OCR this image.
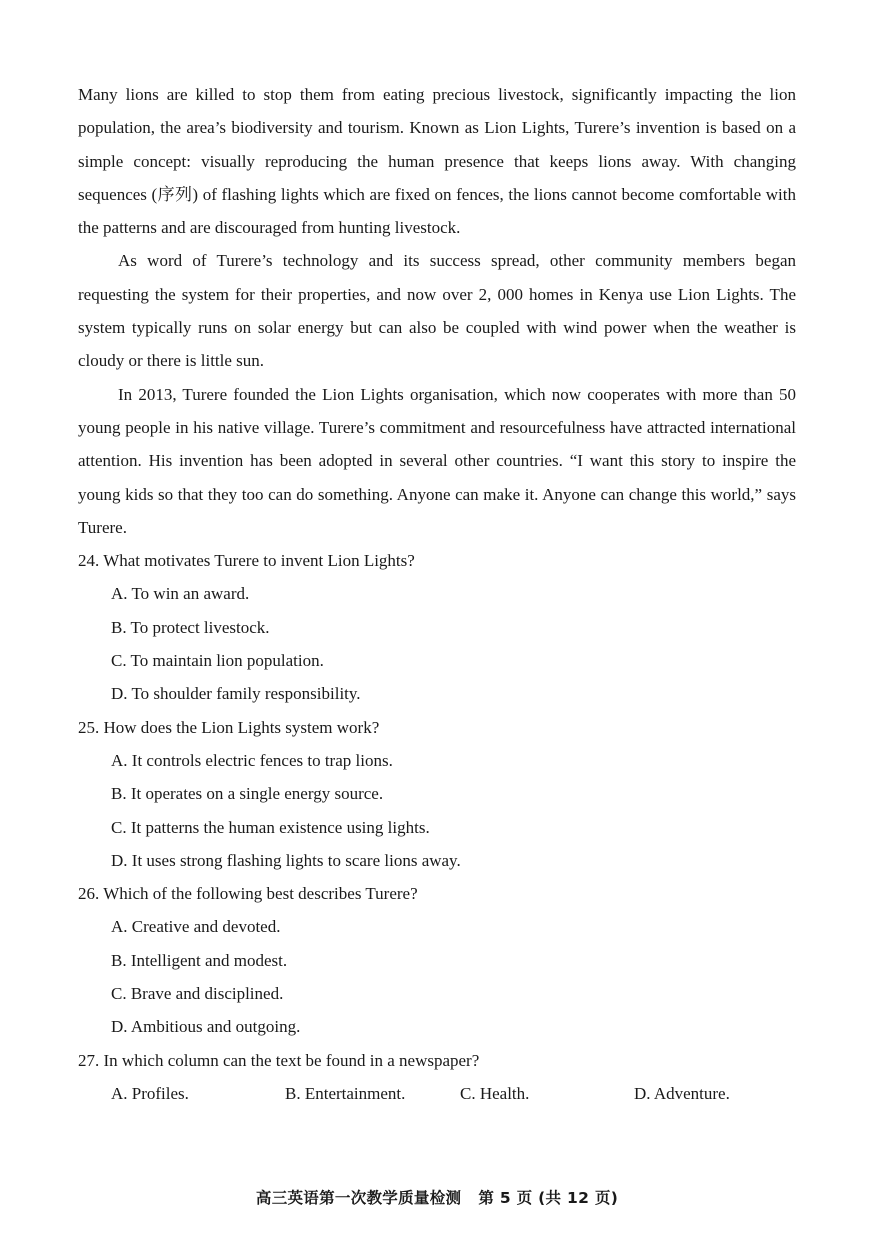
Many lions are killed to stop them from eating precious livestock, significantly impacting the lion population, the area’s biodiversity and tourism. Known as Lion Lights, Turere’s invention is based on a simple concept: visually reproducing the human presence that keeps lions away. With changing sequences (序列) of flashing lights which are fixed on fences, the lions cannot become comfortable with the patterns and are discouraged from hunting livestock.

As word of Turere’s technology and its success spread, other community members began requesting the system for their properties, and now over 2, 000 homes in Kenya use Lion Lights. The system typically runs on solar energy but can also be coupled with wind power when the weather is cloudy or there is little sun.

In 2013, Turere founded the Lion Lights organisation, which now cooperates with more than 50 young people in his native village. Turere’s commitment and resourcefulness have attracted international attention. His invention has been adopted in several other countries. “I want this story to inspire the young kids so that they too can do something. Anyone can make it. Anyone can change this world,” says Turere.

24. What motivates Turere to invent Lion Lights?

A. To win an award.

B. To protect livestock.

C. To maintain lion population.

D. To shoulder family responsibility.

25. How does the Lion Lights system work?

A. It controls electric fences to trap lions.

B. It operates on a single energy source.

C. It patterns the human existence using lights.

D. It uses strong flashing lights to scare lions away.

26. Which of the following best describes Turere?

A. Creative and devoted.

B. Intelligent and modest.

C. Brave and disciplined.

D. Ambitious and outgoing.

27. In which column can the text be found in a newspaper?

A. Profiles.	B. Entertainment.	C. Health.	D. Adventure.
高三英语第一次教学质量检测   第 5 页 (共 12 页)
